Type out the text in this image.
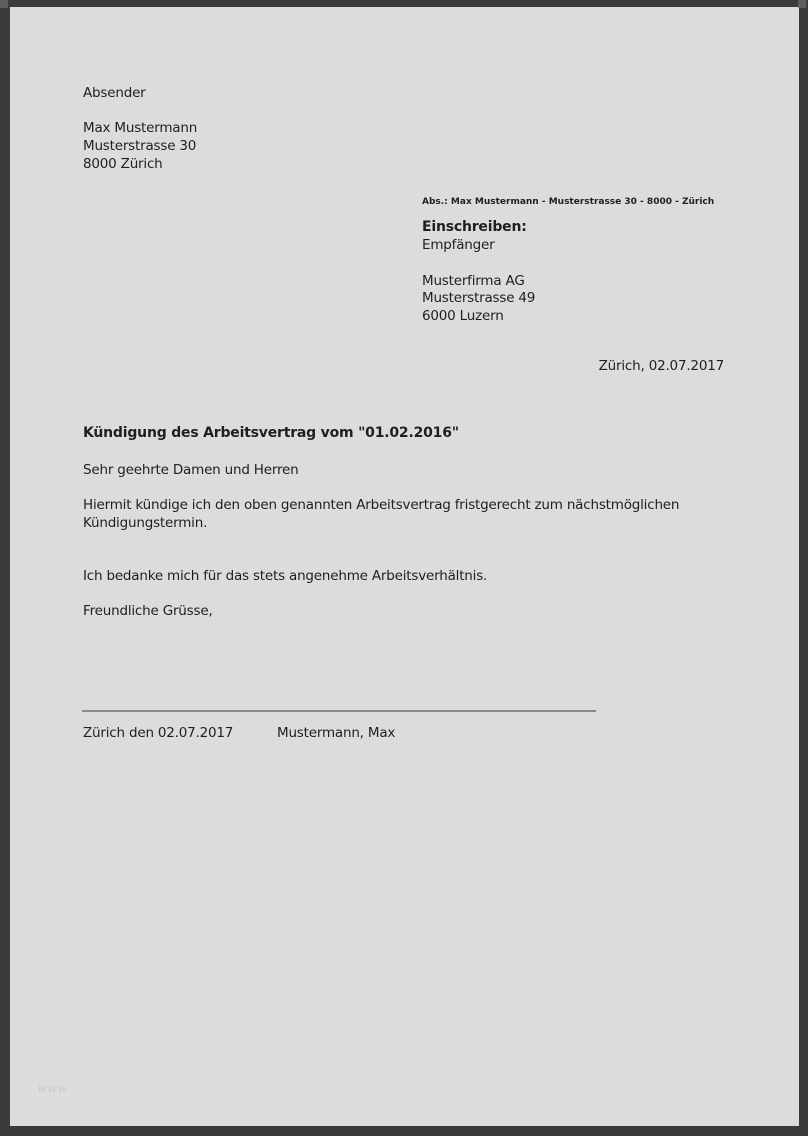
Absender
Max Mustermann
Musterstrasse 30
8000 Zürich
Abs.: Max Mustermann - Musterstrasse 30 - 8000 - Zürich
Einschreiben:
Empfänger
Musterfirma AG
Musterstrasse 49
6000 Luzern
Zürich, 02.07.2017
Kündigung des Arbeitsvertrag vom "01.02.2016"
Sehr geehrte Damen und Herren
Hiermit kündige ich den oben genannten Arbeitsvertrag fristgerecht zum nächstmöglichen
Kündigungstermin.
Ich bedanke mich für das stets angenehme Arbeitsverhältnis.
Freundliche Grüsse,
Zürich den 02.07.2017	Mustermann, Max
www
